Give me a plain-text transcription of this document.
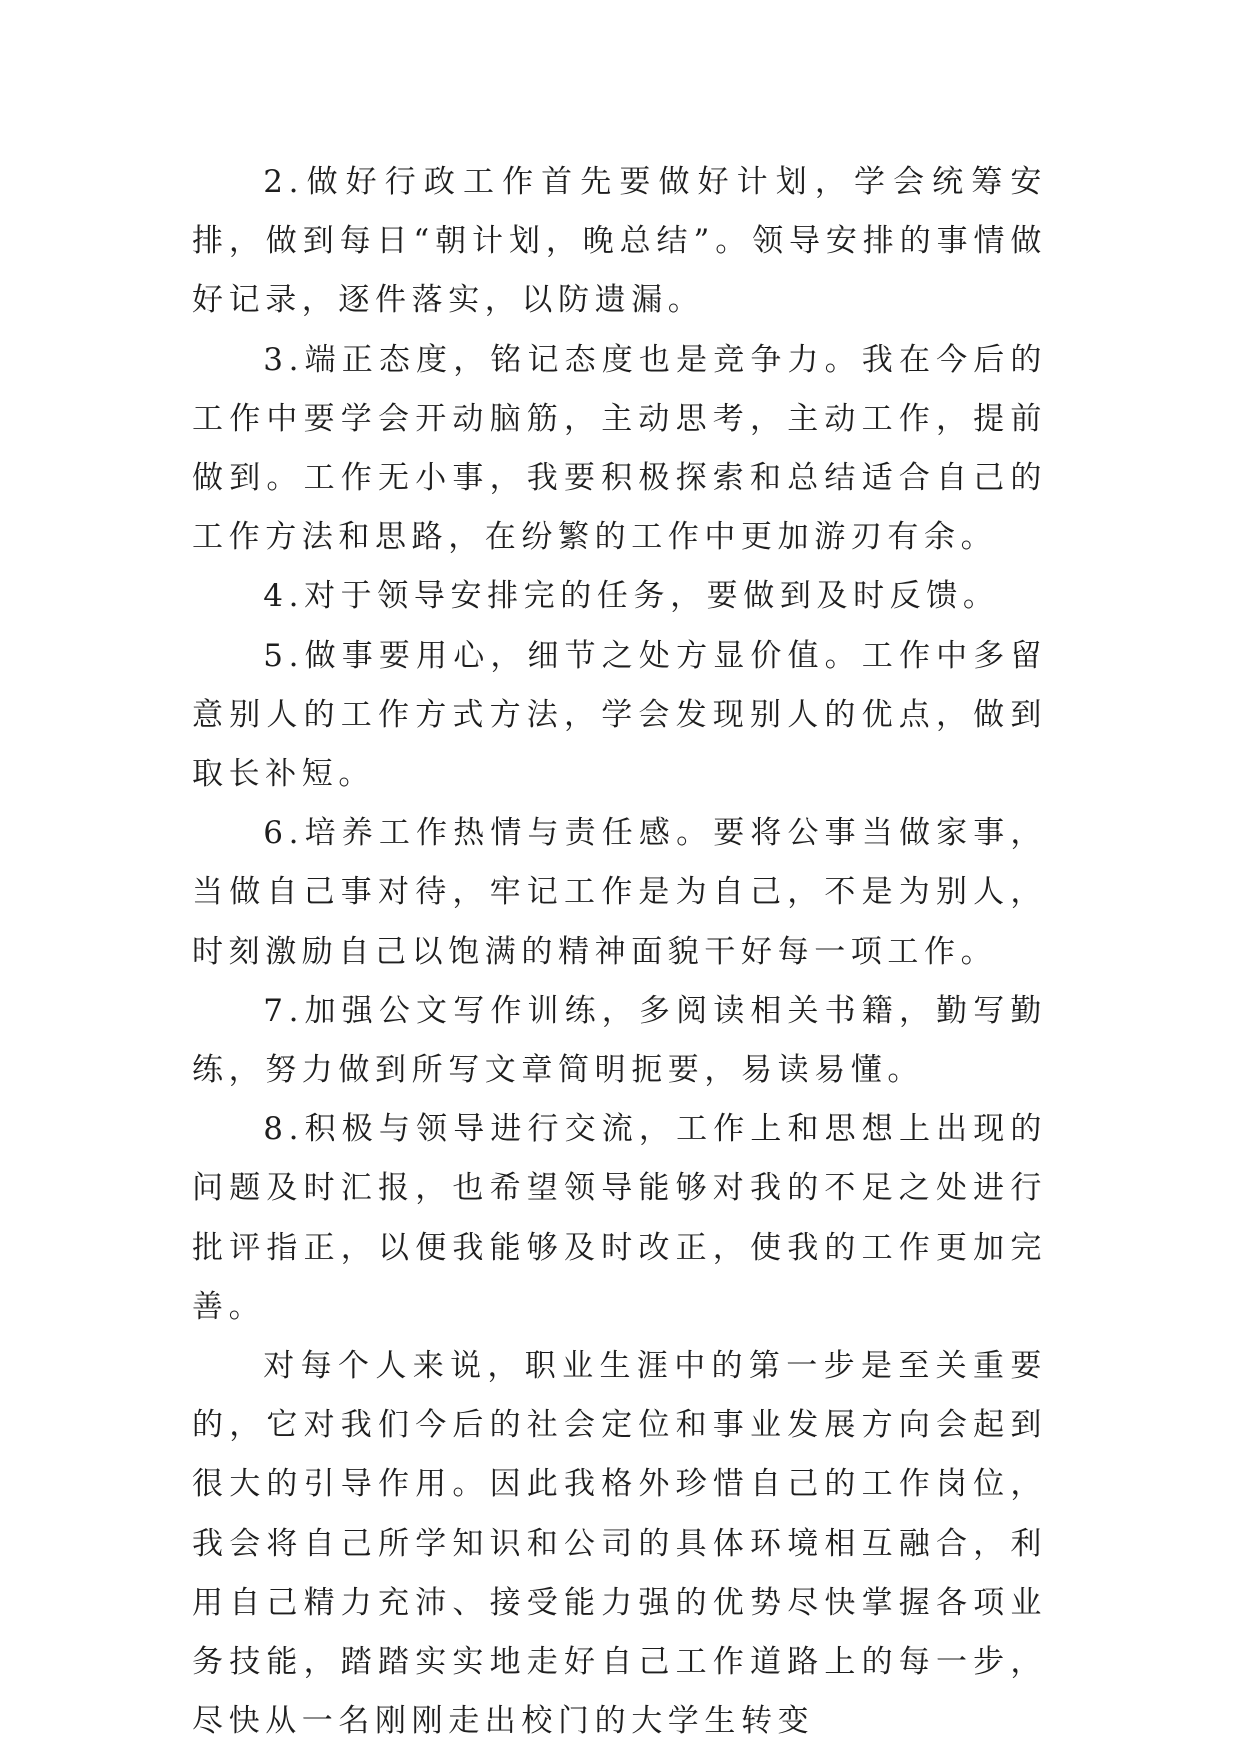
2.做好行政工作首先要做好计划，学会统筹安排，做到每日“朝计划，晚总结”。领导安排的事情做好记录，逐件落实，以防遗漏。

3.端正态度，铭记态度也是竞争力。我在今后的工作中要学会开动脑筋，主动思考，主动工作，提前做到。工作无小事，我要积极探索和总结适合自己的工作方法和思路，在纷繁的工作中更加游刃有余。

4.对于领导安排完的任务，要做到及时反馈。

5.做事要用心，细节之处方显价值。工作中多留意别人的工作方式方法，学会发现别人的优点，做到取长补短。

6.培养工作热情与责任感。要将公事当做家事，当做自己事对待，牢记工作是为自己，不是为别人，时刻激励自己以饱满的精神面貌干好每一项工作。

7.加强公文写作训练，多阅读相关书籍，勤写勤练，努力做到所写文章简明扼要，易读易懂。

8.积极与领导进行交流，工作上和思想上出现的问题及时汇报，也希望领导能够对我的不足之处进行批评指正，以便我能够及时改正，使我的工作更加完善。

对每个人来说，职业生涯中的第一步是至关重要的，它对我们今后的社会定位和事业发展方向会起到很大的引导作用。因此我格外珍惜自己的工作岗位，我会将自己所学知识和公司的具体环境相互融合，利用自己精力充沛、接受能力强的优势尽快掌握各项业务技能，踏踏实实地走好自己工作道路上的每一步，尽快从一名刚刚走出校门的大学生转变
